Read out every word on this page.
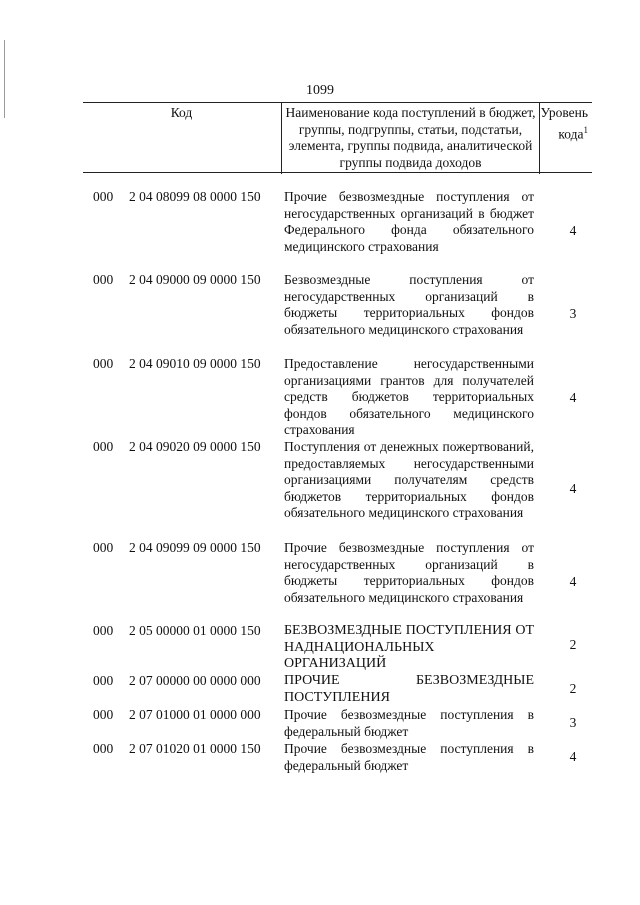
1099
Код	Наименование кода поступлений в бюджет, группы, подгруппы, статьи, подстатьи, элемента, группы подвида, аналитической группы подвида доходов
Уровень кода$^1$
000 2 04 08099 08 0000 150 Прочие безвозмездные поступления от негосударственных организаций в бюджет Федерального фонда обязательного медицинского страхования
4
000 2 04 09000 09 0000 150 Безвозмездные поступления от негосударственных организаций в бюджеты территориальных фондов обязательного медицинского страхования
3
000 2 04 09010 09 0000 150 Предоставление негосударственными организациями грантов для получателей средств бюджетов территориальных фондов обязательного медицинского страхования
4
000 2 04 09020 09 0000 150 Поступления от денежных пожертвований, предоставляемых негосударственными организациями получателям средств бюджетов территориальных фондов обязательного медицинского страхования
4
000 2 04 09099 09 0000 150 Прочие безвозмездные поступления от негосударственных организаций в бюджеты территориальных фондов обязательного медицинского страхования
4
000 2 05 00000 01 0000 150 БЕЗВОЗМЕЗДНЫЕ ПОСТУПЛЕНИЯ ОТ НАДНАЦИОНАЛЬНЫХ ОРГАНИЗАЦИЙ
2
000 2 07 00000 00 0000 000 ПРОЧИЕ БЕЗВОЗМЕЗДНЫЕ ПОСТУПЛЕНИЯ
2
000 2 07 01000 01 0000 000 Прочие безвозмездные поступления в федеральный бюджет
3
000 2 07 01020 01 0000 150 Прочие безвозмездные поступления в федеральный бюджет
4
